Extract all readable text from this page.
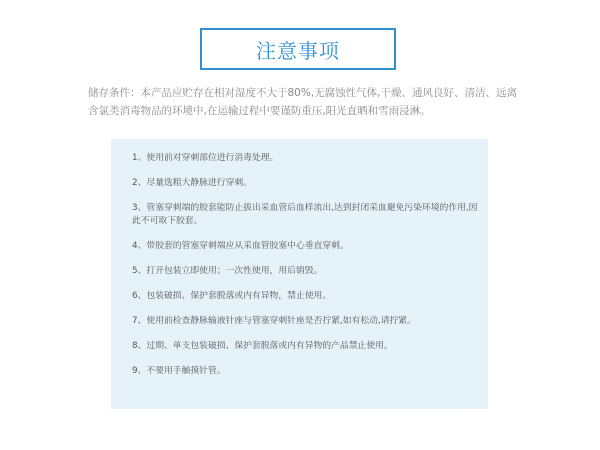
注意事项
储存条件：本产品应贮存在相对湿度不大于80%,无腐蚀性气体,干燥、通风良好、清洁、远离含氯类消毒物品的环境中,在运输过程中要谨防重压,阳光直晒和雪雨浸淋。
1、使用前对穿刺部位进行消毒处理。
2、尽量选粗大静脉进行穿刺。
3、管塞穿刺端的胶套能防止拔出采血管后血样流出,达到封闭采血避免污染环境的作用,因此不可取下胶套。
4、带胶套的管塞穿刺端应从采血管胶塞中心垂直穿刺。
5、打开包装立即使用；一次性使用，用后销毁。
6、包装破损、保护套脱落或内有异物，禁止使用。
7、使用前检查静脉输液针座与管塞穿刺针座是否拧紧,如有松动,请拧紧。
8、过期、单支包装破损、保护套脱落或内有异物的产品禁止使用。
9、不要用手触摸针管。
